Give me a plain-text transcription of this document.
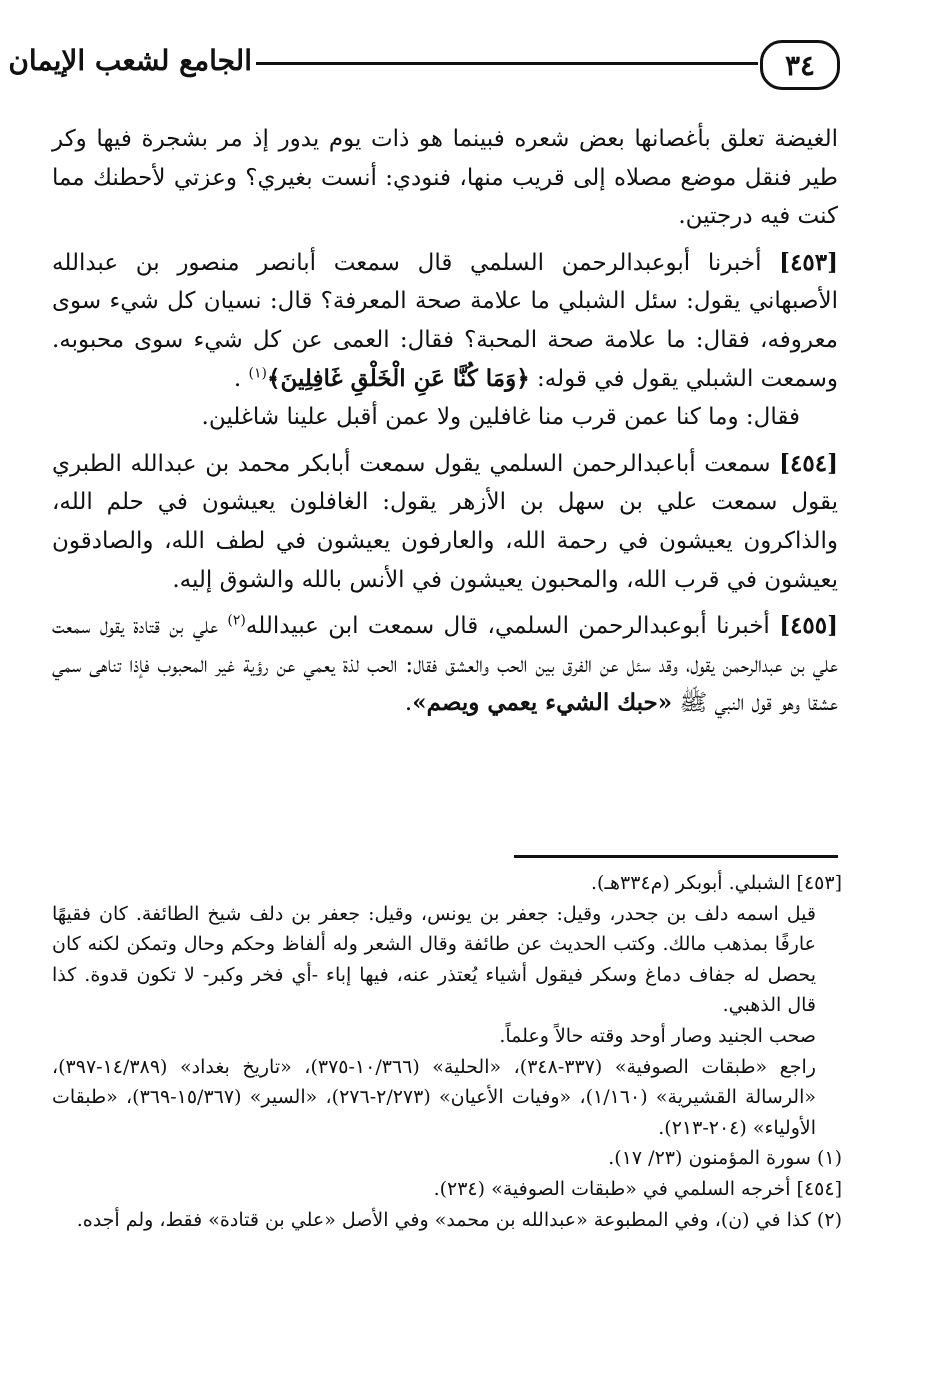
٣٤
الجامع لشعب الإيمان

الغيضة تعلق بأغصانها بعض شعره فبينما هو ذات يوم يدور إذ مر بشجرة فيها وكر طير فنقل موضع مصلاه إلى قريب منها، فنودي: أنست بغيري؟ وعزتي لأحطنك مما كنت فيه درجتين.

[٤٥٣] أخبرنا أبوعبدالرحمن السلمي قال سمعت أبانصر منصور بن عبدالله الأصبهاني يقول: سئل الشبلي ما علامة صحة المعرفة؟ قال: نسيان كل شيء سوى معروفه، فقال: ما علامة صحة المحبة؟ فقال: العمى عن كل شيء سوى محبوبه. وسمعت الشبلي يقول في قوله: ﴿وَمَا كُنَّا عَنِ الْخَلْقِ غَافِلِينَ﴾$^{(١)}$ .

فقال: وما كنا عمن قرب منا غافلين ولا عمن أقبل علينا شاغلين.

[٤٥٤] سمعت أباعبدالرحمن السلمي يقول سمعت أبابكر محمد بن عبدالله الطبري يقول سمعت علي بن سهل بن الأزهر يقول: الغافلون يعيشون في حلم الله، والذاكرون يعيشون في رحمة الله، والعارفون يعيشون في لطف الله، والصادقون يعيشون في قرب الله، والمحبون يعيشون في الأنس بالله والشوق إليه.

[٤٥٥] أخبرنا أبوعبدالرحمن السلمي، قال سمعت ابن عبيدالله$^{(٢)}$ علي بن قتادة يقول سمعت علي بن عبدالرحمن يقول، وقد سئل عن الفرق بين الحب والعشق فقال: الحب لذة يعمي عن رؤية غير المحبوب فإذا تناهى سمي عشقا وهو قول النبي ﷺ «حبك الشيء يعمي ويصم».

[٤٥٣] الشبلي. أبوبكر (م٣٣٤هـ).

قيل اسمه دلف بن جحدر، وقيل: جعفر بن يونس، وقيل: جعفر بن دلف شيخ الطائفة. كان فقيهًا عارفًا بمذهب مالك. وكتب الحديث عن طائفة وقال الشعر وله ألفاظ وحكم وحال وتمكن لكنه كان يحصل له جفاف دماغ وسكر فيقول أشياء يُعتذر عنه، فيها إباء -أي فخر وكبر- لا تكون قدوة. كذا قال الذهبي.

صحب الجنيد وصار أوحد وقته حالاً وعلماً.

راجع «طبقات الصوفية» (٣٣٧-٣٤٨)، «الحلية» (١٠/٣٦٦-٣٧٥)، «تاريخ بغداد» (١٤/٣٨٩-٣٩٧)، «الرسالة القشيرية» (١/١٦٠)، «وفيات الأعيان» (٢/٢٧٣-٢٧٦)، «السير» (١٥/٣٦٧-٣٦٩)، «طبقات الأولياء» (٢٠٤-٢١٣).

(١) سورة المؤمنون (٢٣/ ١٧).

[٤٥٤] أخرجه السلمي في «طبقات الصوفية» (٢٣٤).

(٢) كذا في (ن)، وفي المطبوعة «عبدالله بن محمد» وفي الأصل «علي بن قتادة» فقط، ولم أجده.
